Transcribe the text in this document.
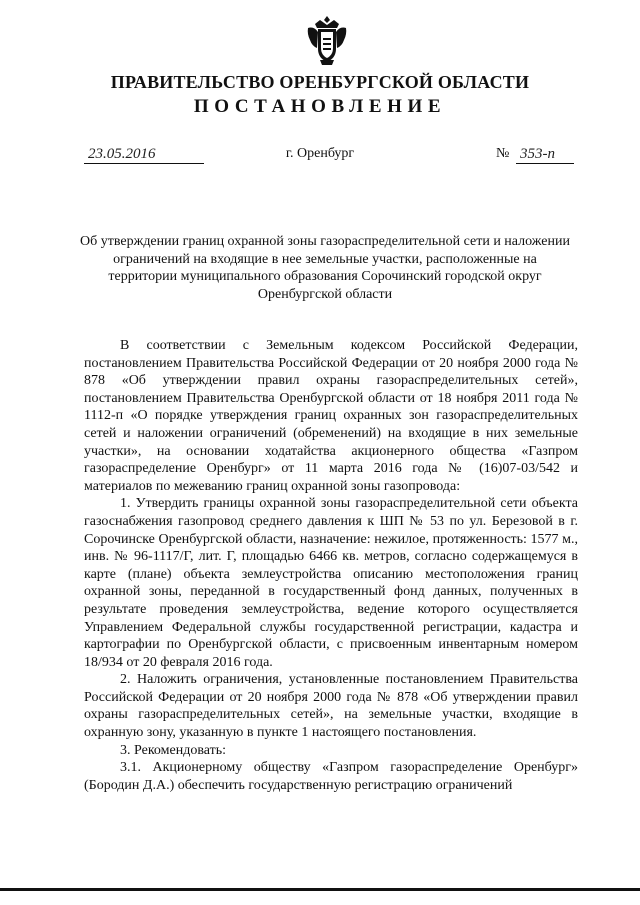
ПРАВИТЕЛЬСТВО ОРЕНБУРГСКОЙ ОБЛАСТИ
ПОСТАНОВЛЕНИЕ
23.05.2016	г. Оренбург	№ 353-п
Об утверждении границ охранной зоны газораспределительной сети и наложении ограничений на входящие в нее земельные участки, расположенные на территории муниципального образования Сорочинский городской округ Оренбургской области

В соответствии с Земельным кодексом Российской Федерации, постановлением Правительства Российской Федерации от 20 ноября 2000 года № 878 «Об утверждении правил охраны газораспределительных сетей», постановлением Правительства Оренбургской области от 18 ноября 2011 года № 1112-п «О порядке утверждения границ охранных зон газораспределительных сетей и наложении ограничений (обременений) на входящие в них земельные участки», на основании ходатайства акционерного общества «Газпром газораспределение Оренбург» от 11 марта 2016 года № (16)07-03/542 и материалов по межеванию границ охранной зоны газопровода:

1. Утвердить границы охранной зоны газораспределительной сети объекта газоснабжения газопровод среднего давления к ШП № 53 по ул. Березовой в г. Сорочинске Оренбургской области, назначение: нежилое, протяженность: 1577 м., инв. № 96-1117/Г, лит. Г, площадью 6466 кв. метров, согласно содержащемуся в карте (плане) объекта землеустройства описанию местоположения границ охранной зоны, переданной в государственный фонд данных, полученных в результате проведения землеустройства, ведение которого осуществляется Управлением Федеральной службы государственной регистрации, кадастра и картографии по Оренбургской области, с присвоенным инвентарным номером 18/934 от 20 февраля 2016 года.

2. Наложить ограничения, установленные постановлением Правительства Российской Федерации от 20 ноября 2000 года № 878 «Об утверждении правил охраны газораспределительных сетей», на земельные участки, входящие в охранную зону, указанную в пункте 1 настоящего постановления.

3. Рекомендовать:

3.1. Акционерному обществу «Газпром газораспределение Оренбург» (Бородин Д.А.) обеспечить государственную регистрацию ограничений
